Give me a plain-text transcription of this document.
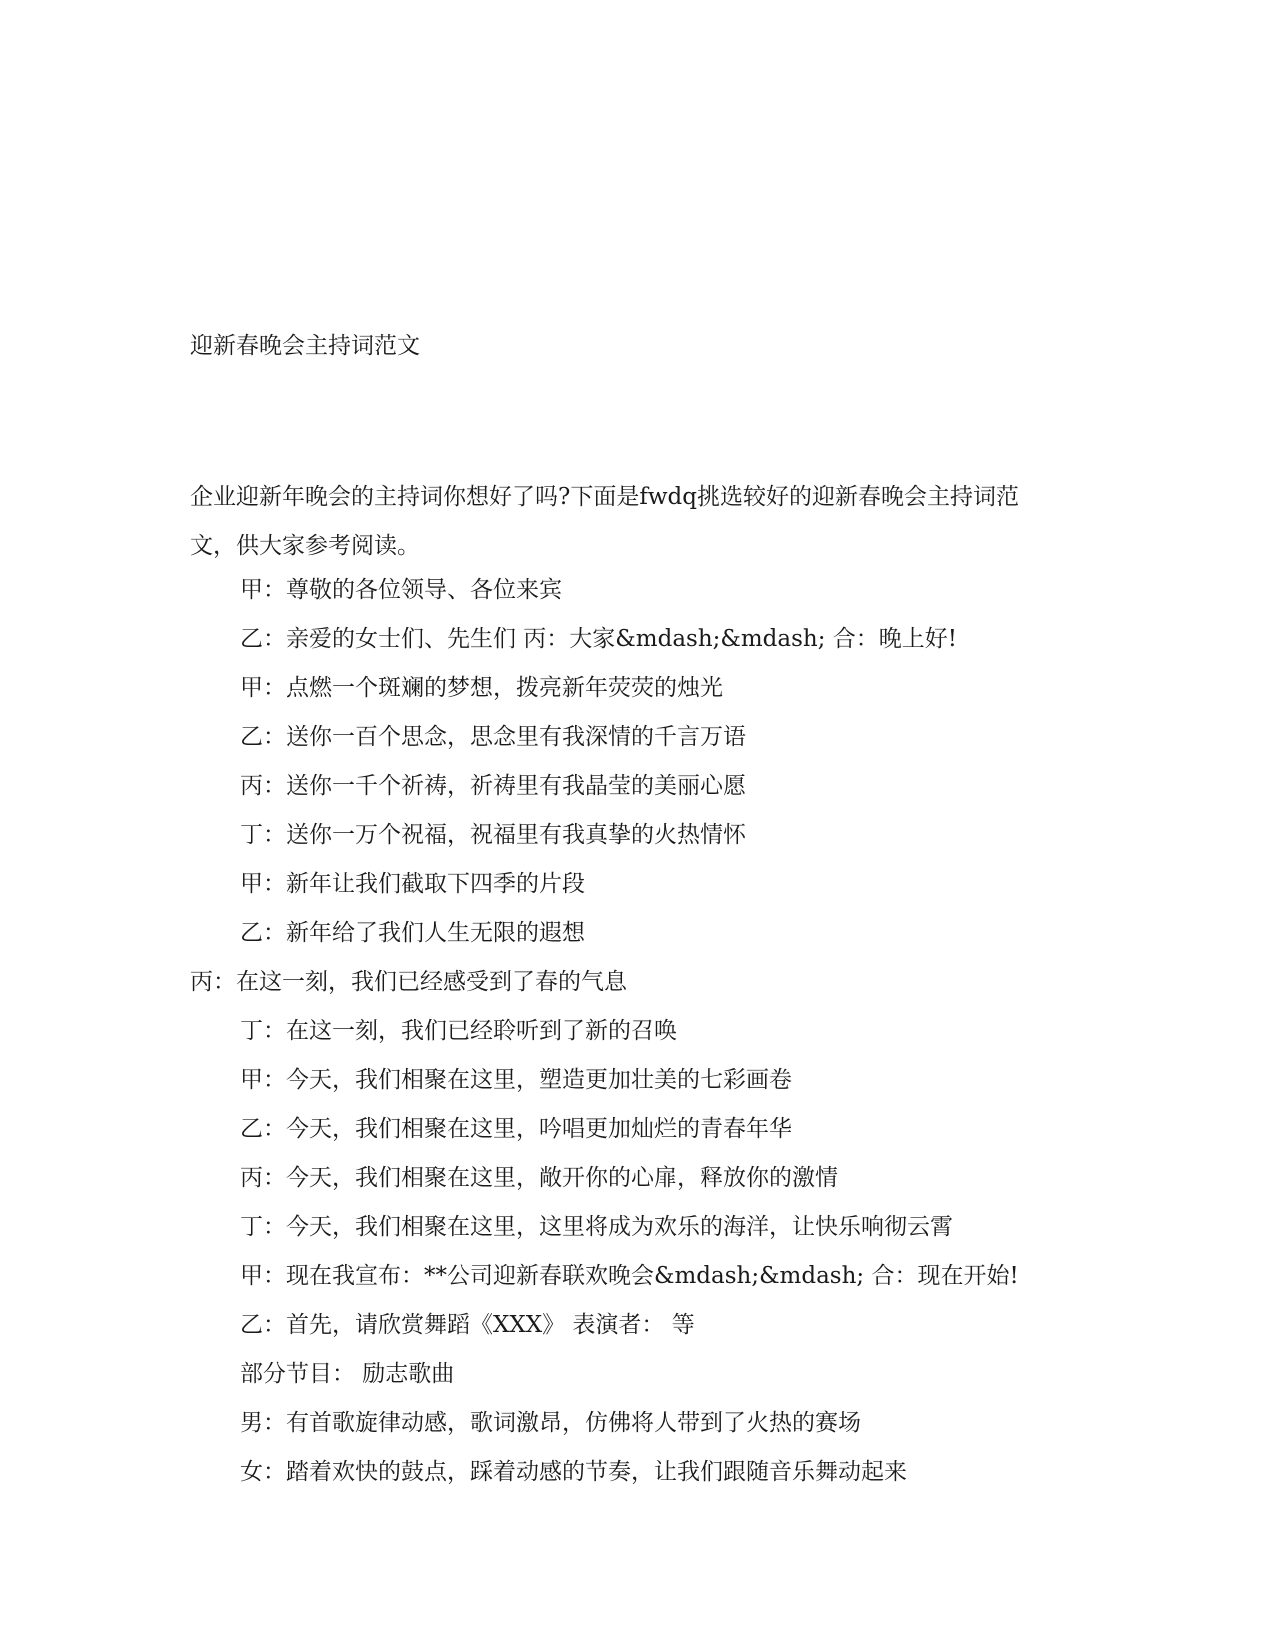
迎新春晚会主持词范文
企业迎新年晚会的主持词你想好了吗?下面是fwdq挑选较好的迎新春晚会主持词范
文，供大家参考阅读。
甲：尊敬的各位领导、各位来宾
乙：亲爱的女士们、先生们 丙：大家&mdash;&mdash; 合：晚上好!
甲：点燃一个斑斓的梦想，拨亮新年荧荧的烛光
乙：送你一百个思念，思念里有我深情的千言万语
丙：送你一千个祈祷，祈祷里有我晶莹的美丽心愿
丁：送你一万个祝福，祝福里有我真挚的火热情怀
甲：新年让我们截取下四季的片段
乙：新年给了我们人生无限的遐想
丙：在这一刻，我们已经感受到了春的气息
丁：在这一刻，我们已经聆听到了新的召唤
甲：今天，我们相聚在这里，塑造更加壮美的七彩画卷
乙：今天，我们相聚在这里，吟唱更加灿烂的青春年华
丙：今天，我们相聚在这里，敞开你的心扉，释放你的激情
丁：今天，我们相聚在这里，这里将成为欢乐的海洋，让快乐响彻云霄
甲：现在我宣布：**公司迎新春联欢晚会&mdash;&mdash; 合：现在开始!
乙：首先，请欣赏舞蹈《XXX》 表演者： 等
部分节目： 励志歌曲
男：有首歌旋律动感，歌词激昂，仿佛将人带到了火热的赛场
女：踏着欢快的鼓点，踩着动感的节奏，让我们跟随音乐舞动起来
